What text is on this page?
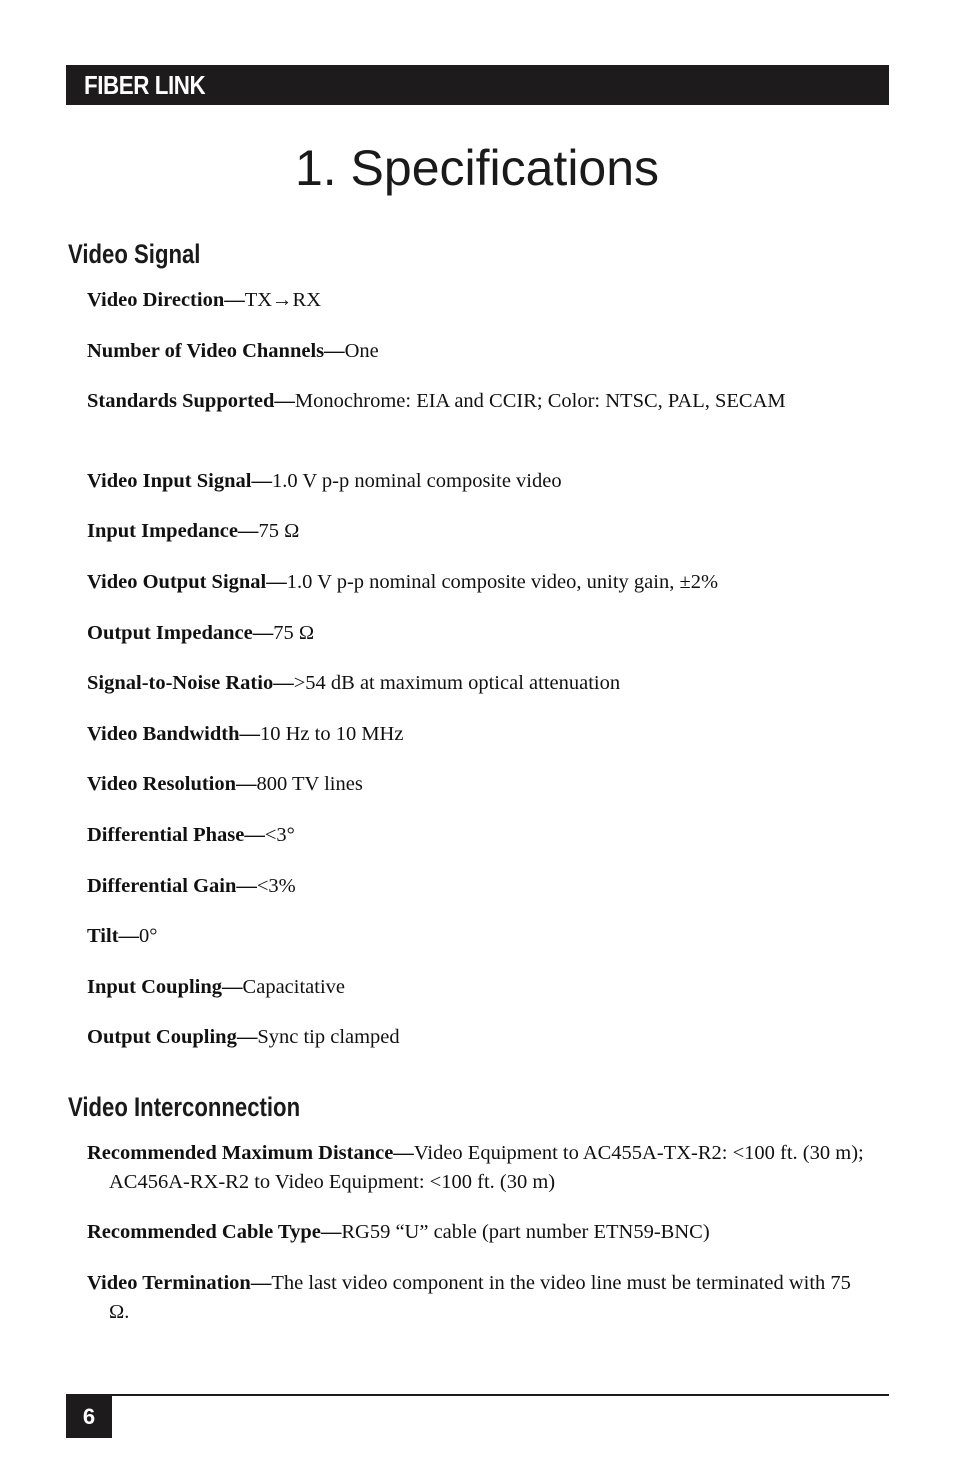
FIBER LINK
1. Specifications
Video Signal

Video Direction—TX→RX

Number of Video Channels—One

Standards Supported—Monochrome: EIA and CCIR; Color: NTSC, PAL, SECAM

Video Input Signal—1.0 V p-p nominal composite video

Input Impedance—75 Ω

Video Output Signal—1.0 V p-p nominal composite video, unity gain, ±2%

Output Impedance—75 Ω

Signal-to-Noise Ratio—>54 dB at maximum optical attenuation

Video Bandwidth—10 Hz to 10 MHz

Video Resolution—800 TV lines

Differential Phase—<3°

Differential Gain—<3%

Tilt—0°

Input Coupling—Capacitative

Output Coupling—Sync tip clamped

Video Interconnection

Recommended Maximum Distance—Video Equipment to AC455A-TX-R2: <100 ft. (30 m); AC456A-RX-R2 to Video Equipment: <100 ft. (30 m)

Recommended Cable Type—RG59 “U” cable (part number ETN59-BNC)

Video Termination—The last video component in the video line must be terminated with 75 Ω.

6
